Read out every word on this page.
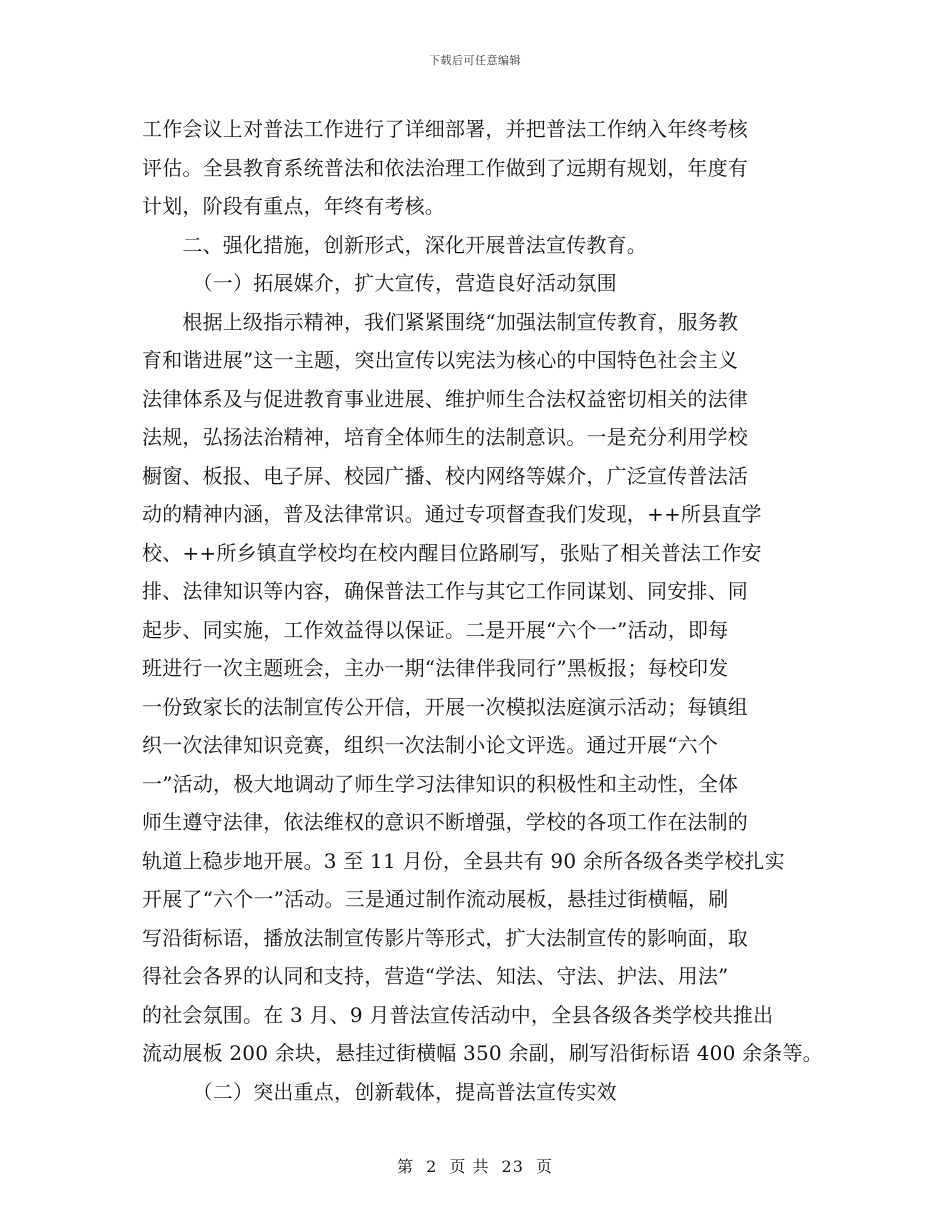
下载后可任意编辑
工作会议上对普法工作进行了详细部署，并把普法工作纳入年终考核
评估。全县教育系统普法和依法治理工作做到了远期有规划，年度有
计划，阶段有重点，年终有考核。
　　二、强化措施，创新形式，深化开展普法宣传教育。
　　　（一）拓展媒介，扩大宣传，营造良好活动氛围
　　根据上级指示精神，我们紧紧围绕“加强法制宣传教育，服务教
育和谐进展”这一主题，突出宣传以宪法为核心的中国特色社会主义
法律体系及与促进教育事业进展、维护师生合法权益密切相关的法律
法规，弘扬法治精神，培育全体师生的法制意识。一是充分利用学校
橱窗、板报、电子屏、校园广播、校内网络等媒介，广泛宣传普法活
动的精神内涵，普及法律常识。通过专项督查我们发现，++所县直学
校、++所乡镇直学校均在校内醒目位路刷写，张贴了相关普法工作安
排、法律知识等内容，确保普法工作与其它工作同谋划、同安排、同
起步、同实施，工作效益得以保证。二是开展“六个一”活动，即每
班进行一次主题班会，主办一期“法律伴我同行”黑板报；每校印发
一份致家长的法制宣传公开信，开展一次模拟法庭演示活动；每镇组
织一次法律知识竞赛，组织一次法制小论文评选。通过开展“六个
一”活动，极大地调动了师生学习法律知识的积极性和主动性，全体
师生遵守法律，依法维权的意识不断增强，学校的各项工作在法制的
轨道上稳步地开展。3 至 11 月份，全县共有 90 余所各级各类学校扎实
开展了“六个一”活动。三是通过制作流动展板，悬挂过街横幅，刷
写沿街标语，播放法制宣传影片等形式，扩大法制宣传的影响面，取
得社会各界的认同和支持，营造“学法、知法、守法、护法、用法”
的社会氛围。在 3 月、9 月普法宣传活动中，全县各级各类学校共推出
流动展板 200 余块，悬挂过街横幅 350 余副，刷写沿街标语 400 余条等。
　　　（二）突出重点，创新载体，提高普法宣传实效
第 2 页 共 23 页
